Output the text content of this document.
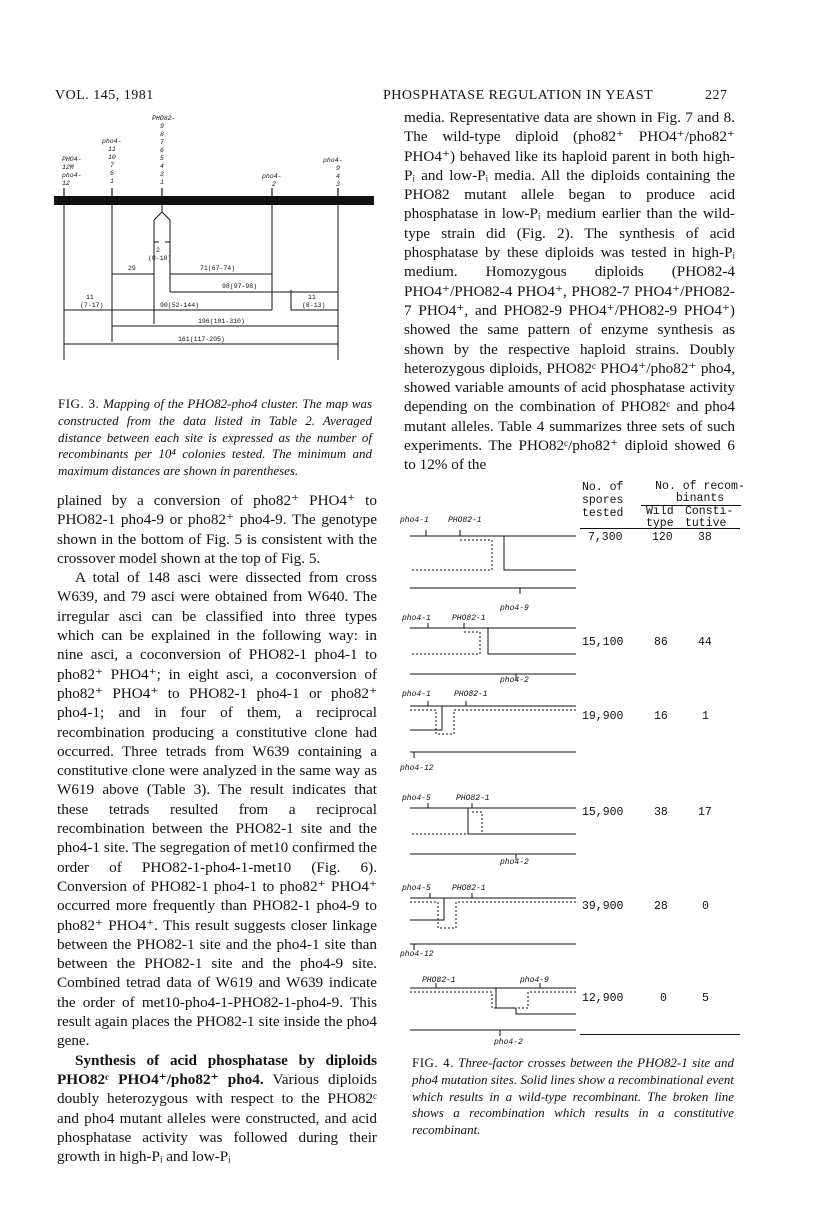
VOL. 145, 1981	PHOSPHATASE REGULATION IN YEAST	227
PHO4-
12M
pho4-
12
pho4-
11
10
7
6
1
PHO82-
9
8
7
6
5
4
3
1
pho4-
2
pho4-
9
4
3
2
(0-10)
29	71(67-74)
98(97-98)
11
(7-17)	90(52-144)
11
(8-13)
196(101-310)
161(117-205)
FIG. 3. Mapping of the PHO82-pho4 cluster. The map was constructed from the data listed in Table 2. Averaged distance between each site is expressed as the number of recombinants per 10⁴ colonies tested. The minimum and maximum distances are shown in parentheses.

plained by a conversion of pho82⁺ PHO4⁺ to PHO82-1 pho4-9 or pho82⁺ pho4-9. The genotype shown in the bottom of Fig. 5 is consistent with the crossover model shown at the top of Fig. 5.

A total of 148 asci were dissected from cross W639, and 79 asci were obtained from W640. The irregular asci can be classified into three types which can be explained in the following way: in nine asci, a coconversion of PHO82-1 pho4-1 to pho82⁺ PHO4⁺; in eight asci, a coconversion of pho82⁺ PHO4⁺ to PHO82-1 pho4-1 or pho82⁺ pho4-1; and in four of them, a reciprocal recombination producing a constitutive clone had occurred. Three tetrads from W639 containing a constitutive clone were analyzed in the same way as W619 above (Table 3). The result indicates that these tetrads resulted from a reciprocal recombination between the PHO82-1 site and the pho4-1 site. The segregation of met10 confirmed the order of PHO82-1-pho4-1-met10 (Fig. 6). Conversion of PHO82-1 pho4-1 to pho82⁺ PHO4⁺ occurred more frequently than PHO82-1 pho4-9 to pho82⁺ PHO4⁺. This result suggests closer linkage between the PHO82-1 site and the pho4-1 site than between the PHO82-1 site and the pho4-9 site. Combined tetrad data of W619 and W639 indicate the order of met10-pho4-1-PHO82-1-pho4-9. This result again places the PHO82-1 site inside the pho4 gene.

Synthesis of acid phosphatase by diploids PHO82ᶜ PHO4⁺/pho82⁺ pho4. Various diploids doubly heterozygous with respect to the PHO82ᶜ and pho4 mutant alleles were constructed, and acid phosphatase activity was followed during their growth in high-Pᵢ and low-Pᵢ

media. Representative data are shown in Fig. 7 and 8. The wild-type diploid (pho82⁺ PHO4⁺/pho82⁺ PHO4⁺) behaved like its haploid parent in both high-Pᵢ and low-Pᵢ media. All the diploids containing the PHO82 mutant allele began to produce acid phosphatase in low-Pᵢ medium earlier than the wild-type strain did (Fig. 2). The synthesis of acid phosphatase by these diploids was tested in high-Pᵢ medium. Homozygous diploids (PHO82-4 PHO4⁺/PHO82-4 PHO4⁺, PHO82-7 PHO4⁺/PHO82-7 PHO4⁺, and PHO82-9 PHO4⁺/PHO82-9 PHO4⁺) showed the same pattern of enzyme synthesis as shown by the respective haploid strains. Doubly heterozygous diploids, PHO82ᶜ PHO4⁺/pho82⁺ pho4, showed variable amounts of acid phosphatase activity depending on the combination of PHO82ᶜ and pho4 mutant alleles. Table 4 summarizes three sets of such experiments. The PHO82ᶜ/pho82⁺ diploid showed 6 to 12% of the

No. of
spores
tested
No. of recom-
binants
Wild
type
Consti-
tutive
pho4-1 PHO82-1
pho4-9
pho4-1	PHO82-1
pho4-2
pho4-1	PHO82-1
pho4-12
pho4-5	PHO82-1
pho4-2
pho4-5	PHO82-1
pho4-12
PHO82-1	pho4-9
pho4-2
7,300	120 38
15,100	86	44
19,900	16	1
15,900	38	17
39,900	28	0
12,900	0	5
FIG. 4. Three-factor crosses between the PHO82-1 site and pho4 mutation sites. Solid lines show a recombinational event which results in a wild-type recombinant. The broken line shows a recombination which results in a constitutive recombinant.
